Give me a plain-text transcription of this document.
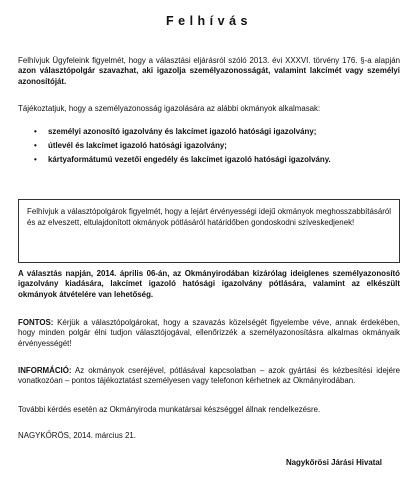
Felhívás
Felhívjuk Ügyfeleink figyelmét, hogy a választási eljárásról szóló 2013. évi XXXVI. törvény 176. §-a alapján azon választópolgár szavazhat, aki igazolja személyazonosságát, valamint lakcímét vagy személyi azonosítóját.
Tájékoztatjuk, hogy a személyazonosság igazolására az alábbi okmányok alkalmasak:
• személyi azonosító igazolvány és lakcímet igazoló hatósági igazolvány;
• útlevél és lakcímet igazoló hatósági igazolvány;
• kártyaformátumú vezetői engedély és lakcímet igazoló hatósági igazolvány.
Felhívjuk a választópolgárok figyelmét, hogy a lejárt érvényességi idejű okmányok meghosszabbításáról és az elveszett, eltulajdonított okmányok pótlásáról határidőben gondoskodni szíveskedjenek!
A választás napján, 2014. április 06-án, az Okmányirodában kizárólag ideiglenes személyazonosító igazolvány kiadására, lakcímet igazoló hatósági igazolvány pótlására, valamint az elkészült okmányok átvételére van lehetőség.
FONTOS: Kérjük a választópolgárokat, hogy a szavazás közelségét figyelembe véve, annak érdekében, hogy minden polgár élni tudjon választójogával, ellenőrizzék a személyazonosításra alkalmas okmányaik érvényességét!
INFORMÁCIÓ: Az okmányok cseréjével, pótlásával kapcsolatban – azok gyártási és kézbesítési idejére vonatkozóan – pontos tájékoztatást személyesen vagy telefonon kérhetnek az Okmányirodában.
További kérdés esetén az Okmányiroda munkatársai készséggel állnak rendelkezésre.
NAGYKŐRÖS, 2014. március 21.
Nagykőrösi Járási Hivatal
